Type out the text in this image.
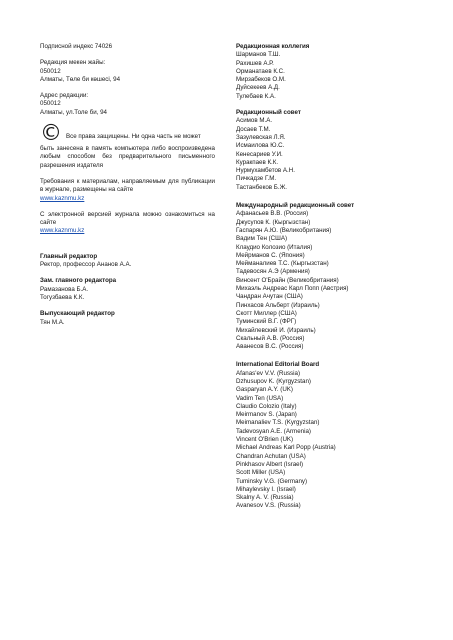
Подписной индекс 74026
Редакция мекен жайы:
050012
Алматы, Төле би көшесі, 94
Адрес редакции:
050012
Алматы, ул.Толе би, 94
© Все права защищены. Ни одна часть не может
быть занесена в память компьютера либо воспроизведена любым способом без предварительного письменного разрешения издателя
Требования к материалам, направляемым для публикации в журнале, размещены на сайте
www.kaznmu.kz
С электронной версией журнала можно ознакомиться на сайте
www.kaznmu.kz
Главный редактор
Ректор, профессор Ананов А.А.
Зам. главного редактора
Рамазанова Б.А.
Тогузбаева К.К.
Выпускающий редактор
Тян М.А.
Редакционная коллегия
Шарманов Т.Ш.
Рахишев А.Р.
Орманатаев К.С.
Мирзабеков О.М.
Дуйсекеев А.Д.
Тулебаев К.А.
Редакционный совет
Асимов М.А.
Досаев Т.М.
Зазулевская Л.Я.
Исмаилова Ю.С.
Кенесариев У.И.
Куракпаев К.К.
Нурмухамбетов А.Н.
Пичкадзе Г.М.
Тастанбеков Б.Ж.
Международный редакционный совет
Афанасьев В.В. (Россия)
Джусупов К. (Кыргызстан)
Гаспарян А.Ю. (Великобритания)
Вадим Тен (США)
Клаудио Колозио (Италия)
Мейрманов С. (Япония)
Мейманалиев Т.С. (Кыргызстан)
Тадевосян А.Э (Армения)
Винсент О'Брайн (Великобритания)
Михаэль Андреас Карл Попп (Австрия)
Чандран Ачутан (США)
Пинхасов Альберт (Израиль)
Скотт Миллер (США)
Туминский В.Г. (ФРГ)
Михайлевский И. (Израиль)
Скальный А.В. (Россия)
Аванесов В.С. (Россия)
International Editorial Board
Afanas'ev V.V. (Russia)
Dzhusupov K. (Kyrgyzstan)
Gasparyan A.Y. (UK)
Vadim Ten (USA)
Claudio Colozio (Italy)
Meirmanov S. (Japan)
Meimanaliev T.S. (Kyrgyzstan)
Tadevosyan A.E. (Armenia)
Vincent O'Brien (UK)
Michael Andreas Karl Popp (Austria)
Chandran Achutan (USA)
Pinkhasov Albert (Israel)
Scott Miller (USA)
Tuminsky V.G. (Germany)
Mihaylevsky I. (Israel)
Skalny A. V. (Russia)
Avanesov V.S. (Russia)
